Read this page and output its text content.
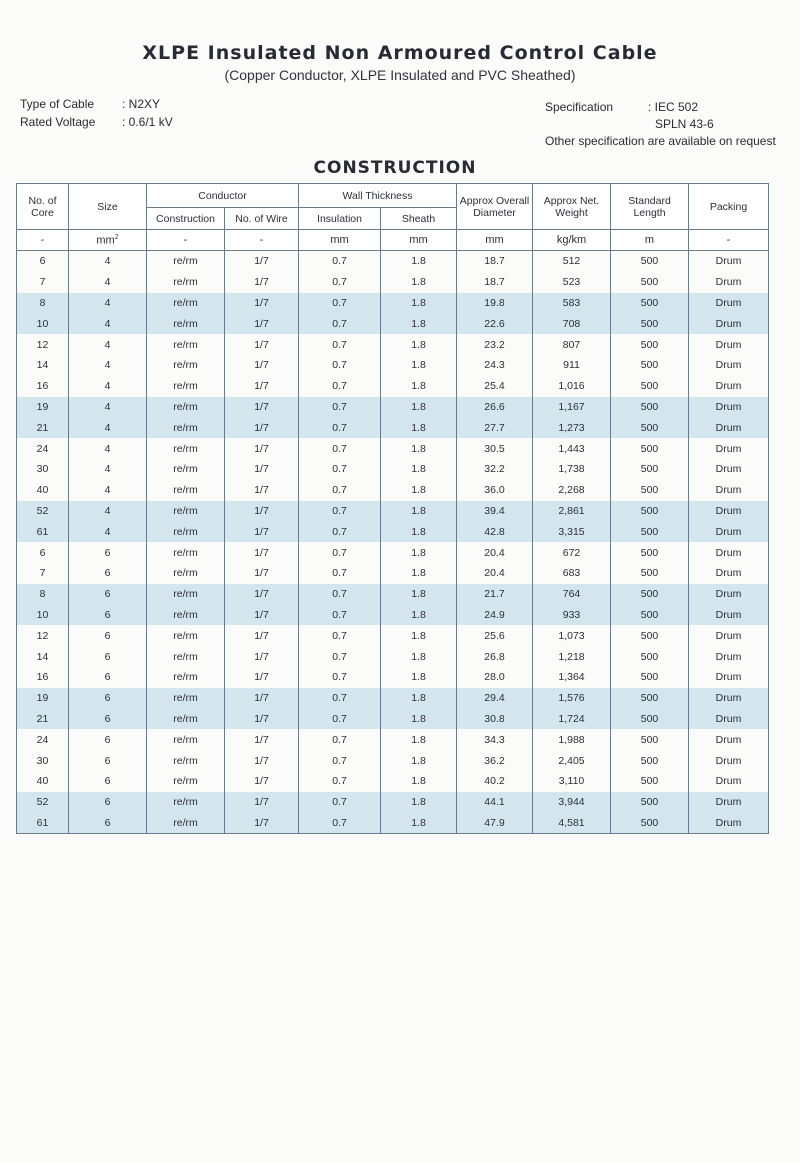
XLPE Insulated Non Armoured Control Cable
(Copper Conductor, XLPE Insulated and PVC Sheathed)
Type of Cable	: N2XY
Rated Voltage	: 0.6/1 kV
Specification	: IEC 502
SPLN 43-6
Other specification are available on request
CONSTRUCTION
No. of Core	Size	Conductor		Wall Thickness		Approx Overall Diameter	Approx Net. Weight	Standard Length	Packing
		Construction	No. of Wire	Insulation	Sheath				
-	$mm^2$	-	-	mm	mm	mm	kg/km	m	-
6	4	re/rm	1/7	0.7	1.8	18.7	512	500	Drum
7	4	re/rm	1/7	0.7	1.8	18.7	523	500	Drum
8	4	re/rm	1/7	0.7	1.8	19.8	583	500	Drum
10	4	re/rm	1/7	0.7	1.8	22.6	708	500	Drum
12	4	re/rm	1/7	0.7	1.8	23.2	807	500	Drum
14	4	re/rm	1/7	0.7	1.8	24.3	911	500	Drum
16	4	re/rm	1/7	0.7	1.8	25.4	1,016	500	Drum
19	4	re/rm	1/7	0.7	1.8	26.6	1,167	500	Drum
21	4	re/rm	1/7	0.7	1.8	27.7	1,273	500	Drum
24	4	re/rm	1/7	0.7	1.8	30.5	1,443	500	Drum
30	4	re/rm	1/7	0.7	1.8	32.2	1,738	500	Drum
40	4	re/rm	1/7	0.7	1.8	36.0	2,268	500	Drum
52	4	re/rm	1/7	0.7	1.8	39.4	2,861	500	Drum
61	4	re/rm	1/7	0.7	1.8	42.8	3,315	500	Drum
6	6	re/rm	1/7	0.7	1.8	20.4	672	500	Drum
7	6	re/rm	1/7	0.7	1.8	20.4	683	500	Drum
8	6	re/rm	1/7	0.7	1.8	21.7	764	500	Drum
10	6	re/rm	1/7	0.7	1.8	24.9	933	500	Drum
12	6	re/rm	1/7	0.7	1.8	25.6	1,073	500	Drum
14	6	re/rm	1/7	0.7	1.8	26.8	1,218	500	Drum
16	6	re/rm	1/7	0.7	1.8	28.0	1,364	500	Drum
19	6	re/rm	1/7	0.7	1.8	29.4	1,576	500	Drum
21	6	re/rm	1/7	0.7	1.8	30.8	1,724	500	Drum
24	6	re/rm	1/7	0.7	1.8	34.3	1,988	500	Drum
30	6	re/rm	1/7	0.7	1.8	36.2	2,405	500	Drum
40	6	re/rm	1/7	0.7	1.8	40.2	3,110	500	Drum
52	6	re/rm	1/7	0.7	1.8	44.1	3,944	500	Drum
61	6	re/rm	1/7	0.7	1.8	47.9	4,581	500	Drum
